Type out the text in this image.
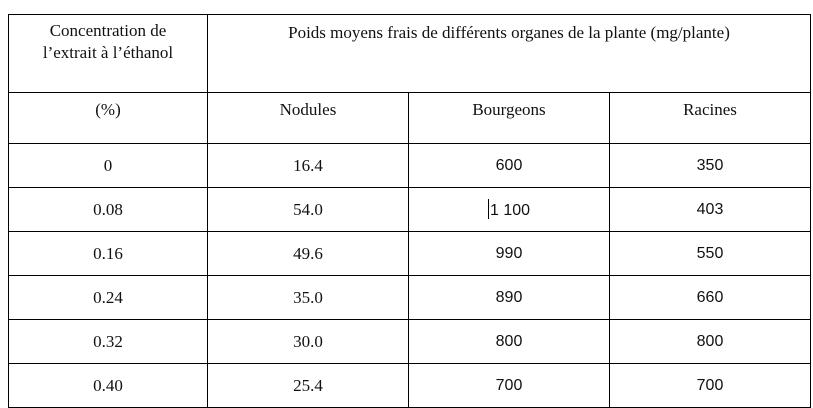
Concentration de
l’extrait à l’éthanol	Poids moyens frais de différents organes de la plante (mg/plante)		
(%)	Nodules	Bourgeons	Racines
0	16.4	600	350
0.08	54.0	1 100	403
0.16	49.6	990	550
0.24	35.0	890	660
0.32	30.0	800	800
0.40	25.4	700	700
